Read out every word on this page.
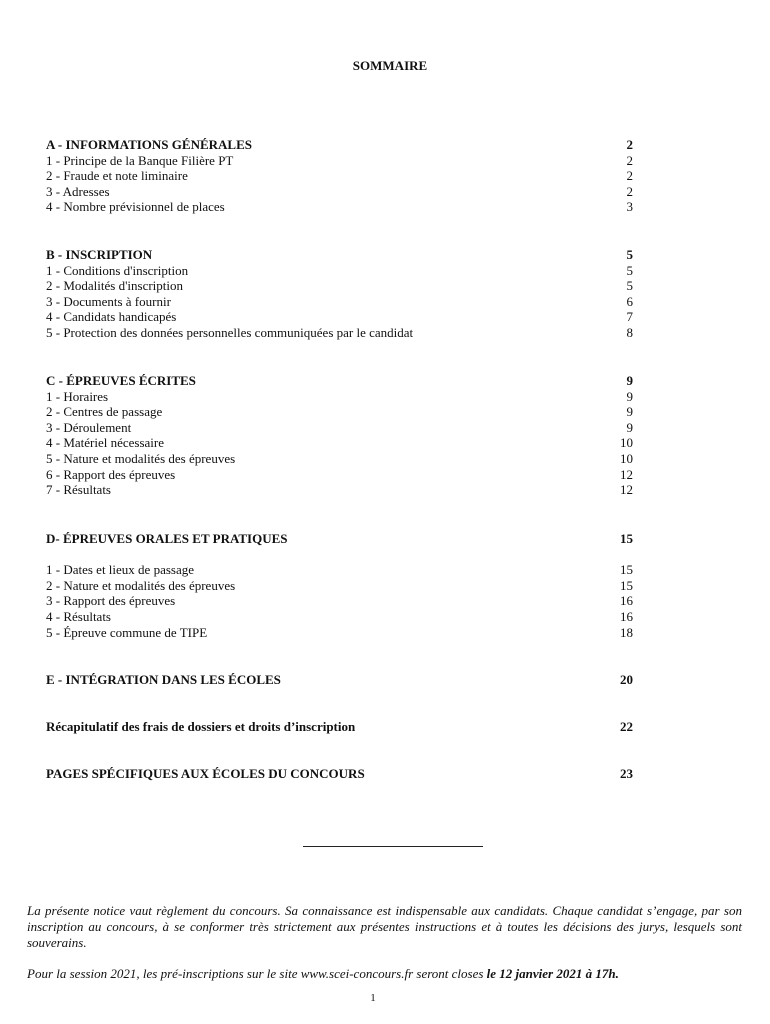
SOMMAIRE
A - INFORMATIONS GÉNÉRALES	2
1 - Principe de la Banque Filière PT	2
2 - Fraude et note liminaire	2
3 - Adresses	2
4 - Nombre prévisionnel de places	3
B - INSCRIPTION	5
1 - Conditions d'inscription	5
2 - Modalités d'inscription	5
3 - Documents à fournir	6
4 - Candidats handicapés	7
5 - Protection des données personnelles communiquées par le candidat	8
C - ÉPREUVES ÉCRITES	9
1 - Horaires	9
2 - Centres de passage	9
3 - Déroulement	9
4 - Matériel nécessaire	10
5 - Nature et modalités des épreuves	10
6 - Rapport des épreuves	12
7 - Résultats	12
D- ÉPREUVES ORALES ET PRATIQUES	15
1 - Dates et lieux de passage	15
2 - Nature et modalités des épreuves	15
3 - Rapport des épreuves	16
4 - Résultats	16
5 - Épreuve commune de TIPE	18
E - INTÉGRATION DANS LES ÉCOLES	20
Récapitulatif des frais de dossiers et droits d’inscription	22
PAGES SPÉCIFIQUES AUX ÉCOLES DU CONCOURS	23
La présente notice vaut règlement du concours. Sa connaissance est indispensable aux candidats. Chaque candidat s’engage, par son inscription au concours, à se conformer très strictement aux présentes instructions et à toutes les décisions des jurys, lesquels sont souverains.
Pour la session 2021, les pré-inscriptions sur le site www.scei-concours.fr seront closes le 12 janvier 2021 à 17h.
1
